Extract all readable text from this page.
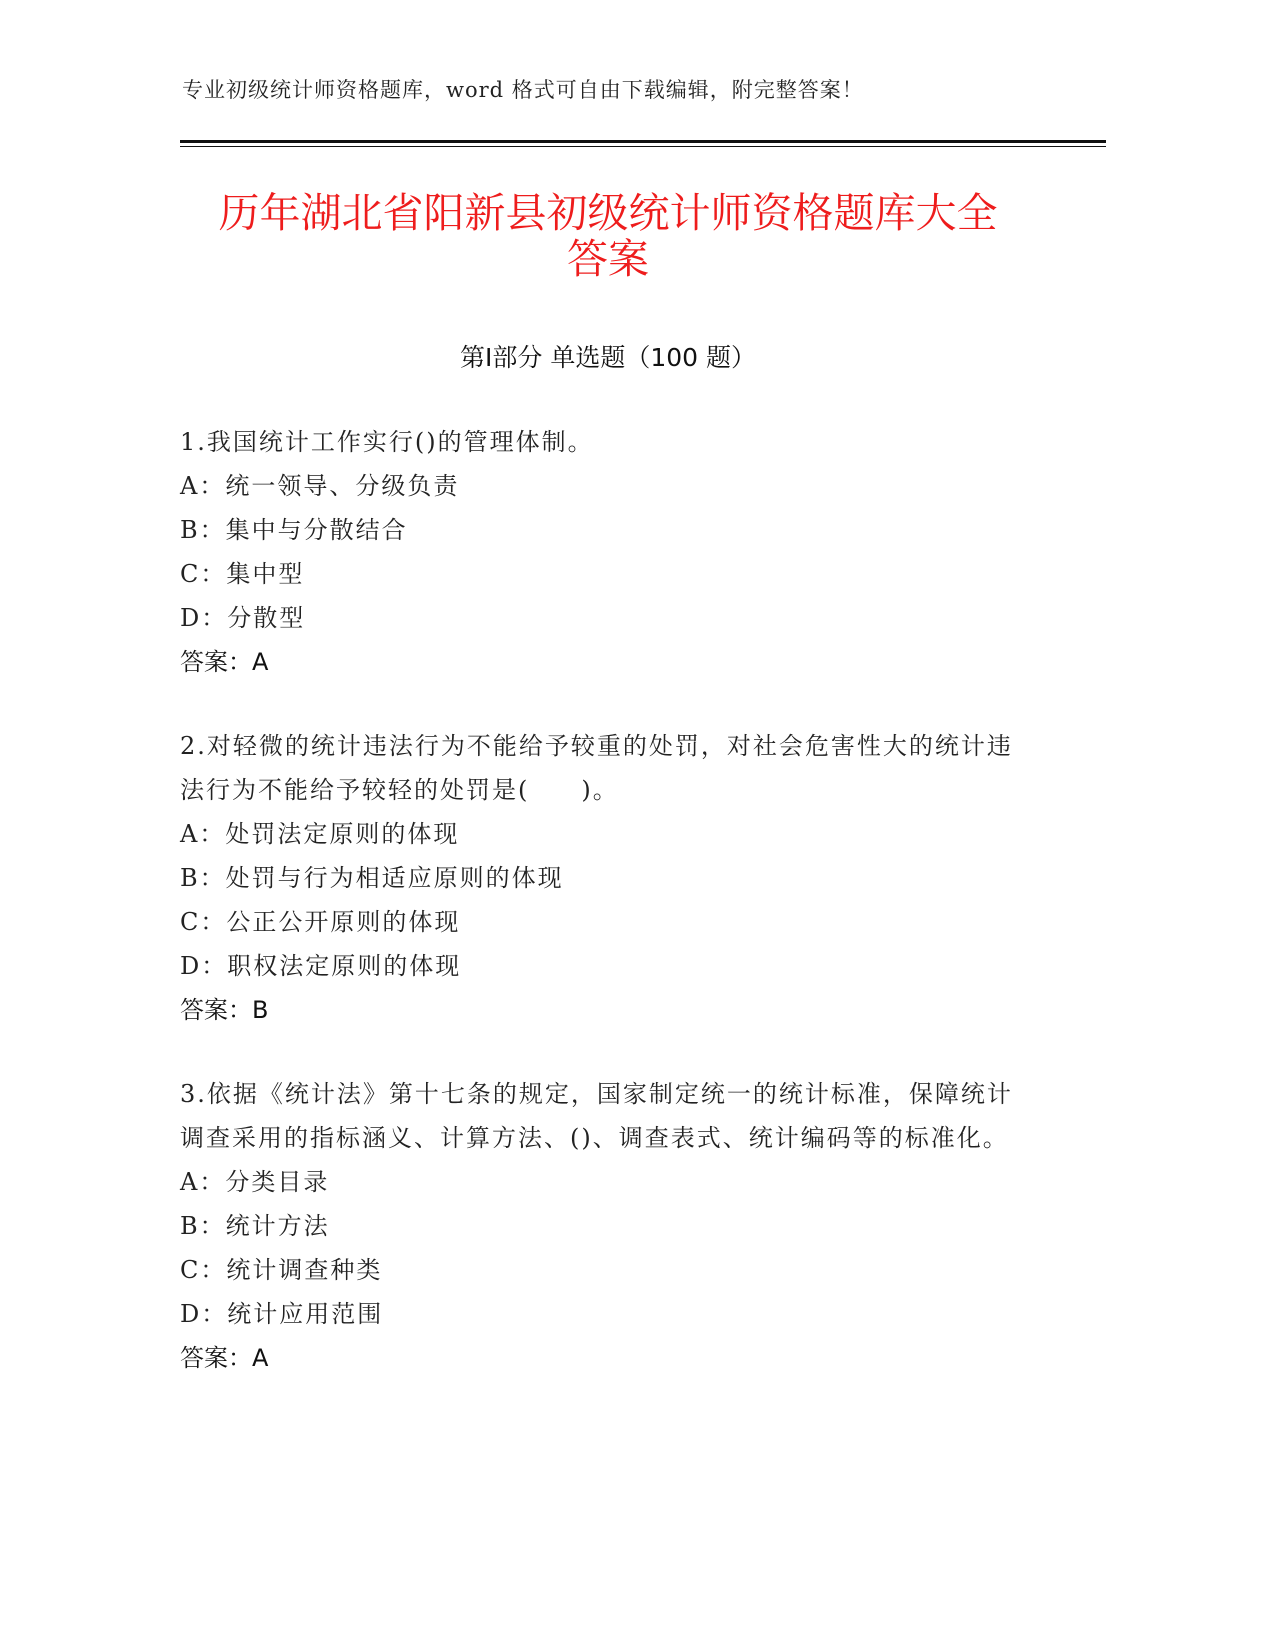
专业初级统计师资格题库，word 格式可自由下载编辑，附完整答案！
历年湖北省阳新县初级统计师资格题库大全
答案
第Ⅰ部分 单选题（100 题）
1.我国统计工作实行()的管理体制。
A：统一领导、分级负责
B：集中与分散结合
C：集中型
D：分散型
答案：A
2.对轻微的统计违法行为不能给予较重的处罚，对社会危害性大的统计违法行为不能给予较轻的处罚是(　　)。
A：处罚法定原则的体现
B：处罚与行为相适应原则的体现
C：公正公开原则的体现
D：职权法定原则的体现
答案：B
3.依据《统计法》第十七条的规定，国家制定统一的统计标准，保障统计调查采用的指标涵义、计算方法、()、调查表式、统计编码等的标准化。
A：分类目录
B：统计方法
C：统计调查种类
D：统计应用范围
答案：A
